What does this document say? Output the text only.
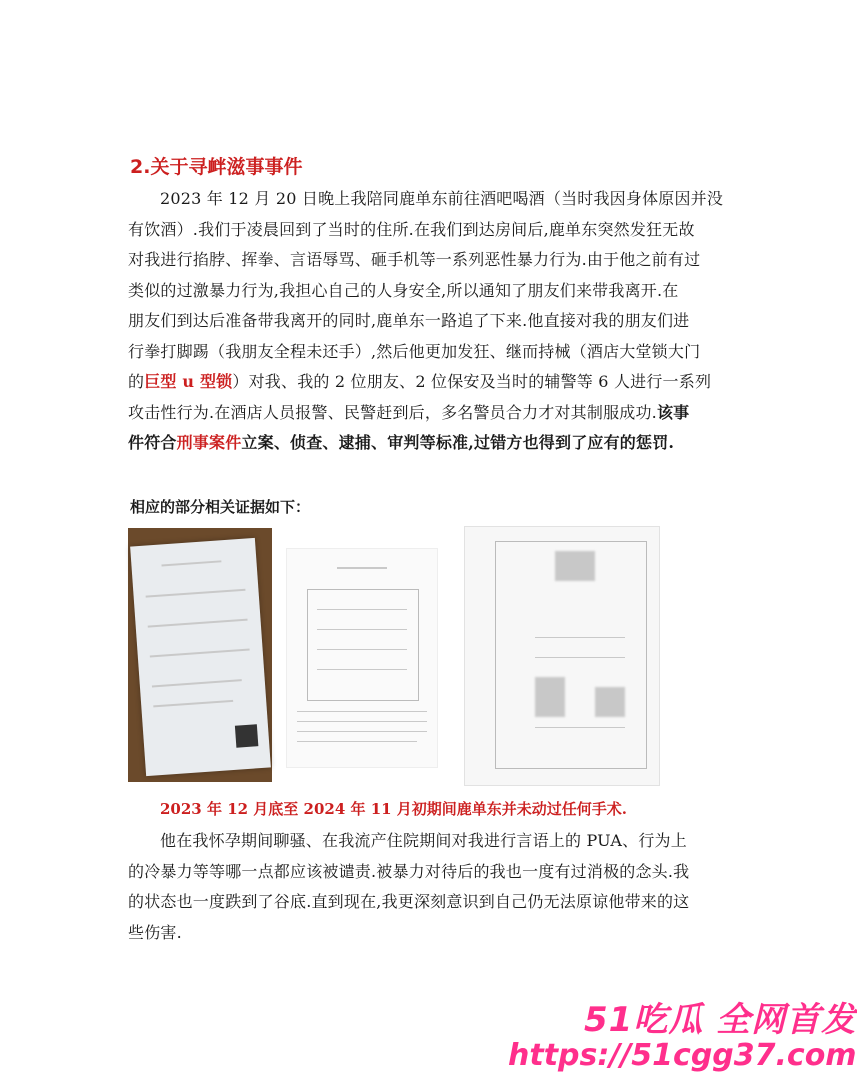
2.关于寻衅滋事事件
2023 年 12 月 20 日晚上我陪同鹿单东前往酒吧喝酒（当时我因身体原因并没
有饮酒）.我们于凌晨回到了当时的住所.在我们到达房间后,鹿单东突然发狂无故
对我进行掐脖、挥拳、言语辱骂、砸手机等一系列恶性暴力行为.由于他之前有过
类似的过激暴力行为,我担心自己的人身安全,所以通知了朋友们来带我离开.在
朋友们到达后准备带我离开的同时,鹿单东一路追了下来.他直接对我的朋友们进
行拳打脚踢（我朋友全程未还手）,然后他更加发狂、继而持械（酒店大堂锁大门
的巨型 u 型锁）对我、我的 2 位朋友、2 位保安及当时的辅警等 6 人进行一系列
攻击性行为.在酒店人员报警、民警赶到后，多名警员合力才对其制服成功.该事
件符合刑事案件立案、侦查、逮捕、审判等标准,过错方也得到了应有的惩罚.
相应的部分相关证据如下：
2023 年 12 月底至 2024 年 11 月初期间鹿单东并未动过任何手术.
他在我怀孕期间聊骚、在我流产住院期间对我进行言语上的 PUA、行为上
的冷暴力等等哪一点都应该被谴责.被暴力对待后的我也一度有过消极的念头.我
的状态也一度跌到了谷底.直到现在,我更深刻意识到自己仍无法原谅他带来的这
些伤害.
51吃瓜 全网首发
https://51cgg37.com
